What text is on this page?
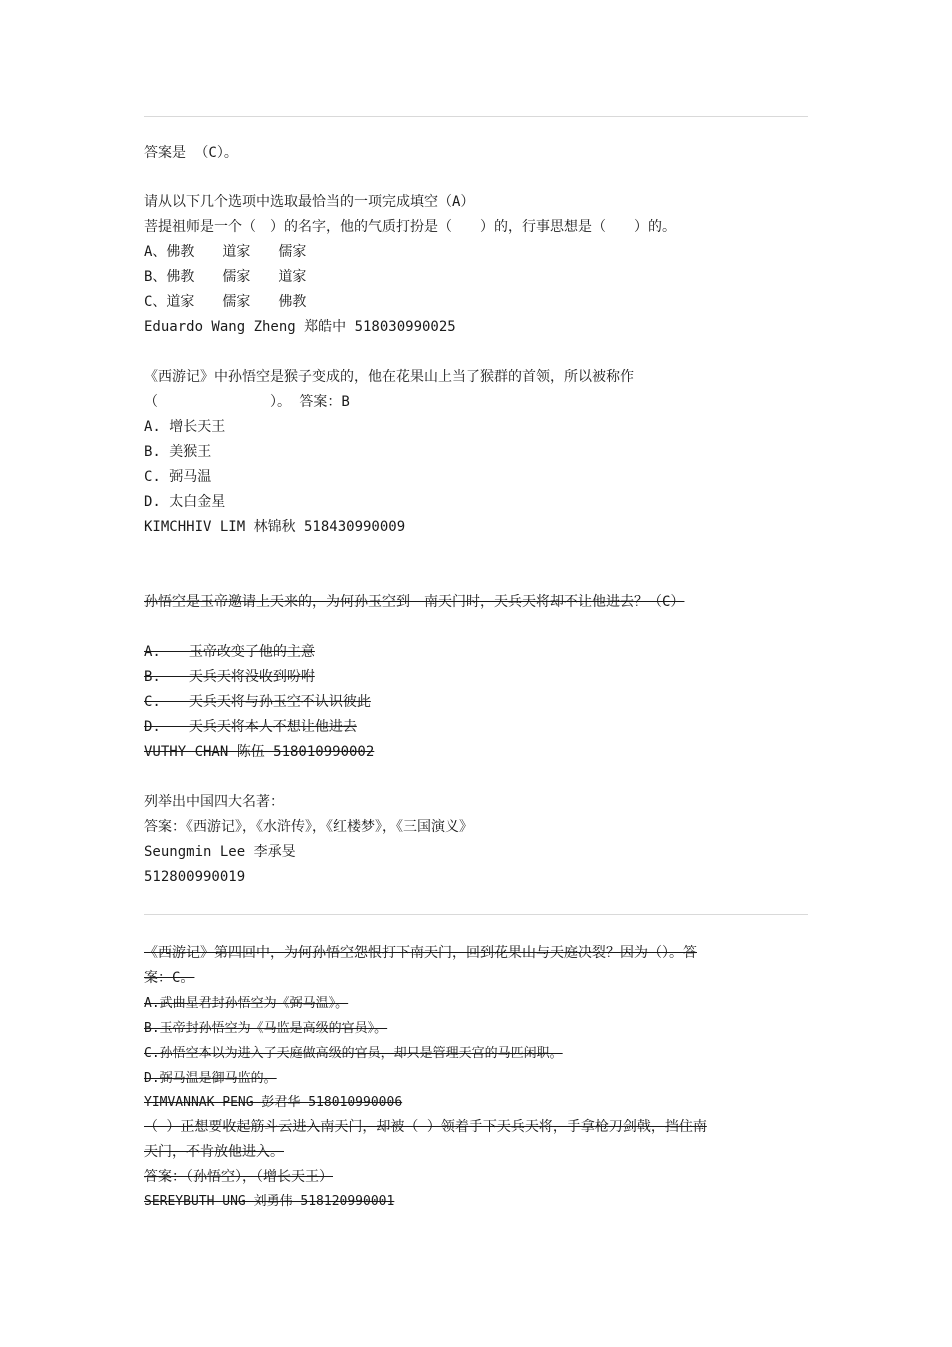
答案是 （C）。
请从以下几个选项中选取最恰当的一项完成填空（A）
菩提祖师是一个（　）的名字，他的气质打扮是（　　）的，行事思想是（　　）的。
A、佛教　　道家　　儒家
B、佛教　　儒家　　道家
C、道家　　儒家　　佛教
Eduardo Wang Zheng 郑皓中 518030990025
《西游记》中孙悟空是猴子变成的，他在花果山上当了猴群的首领，所以被称作
（　　　　　　　　）。 答案：B
A. 增长天王
B. 美猴王
C. 弼马温
D. 太白金星
KIMCHHIV LIM 林锦秋 518430990009
孙悟空是玉帝邀请上天来的，为何孙玉空到　南天门时，天兵天将却不让他进去？（C）
A.　　玉帝改变了他的主意
B.　　天兵天将没收到吩咐
C.　　天兵天将与孙玉空不认识彼此
D.　　天兵天将本人不想让他进去
VUTHY CHAN 陈伍 518010990002
列举出中国四大名著：
答案：《西游记》，《水浒传》，《红楼梦》，《三国演义》
Seungmin Lee 李承旻
512800990019
《西游记》第四回中，为何孙悟空怨恨打下南天门，回到花果山与天庭决裂？因为（）。答
案：C。
A.武曲星君封孙悟空为《弼马温》。
B.玉帝封孙悟空为《马监是高级的官员》。
C.孙悟空本以为进入了天庭做高级的官员，却只是管理天宫的马匹闲职。
D.弼马温是御马监的。
YIMVANNAK PENG 彭君华 518010990006
（ ）正想要收起筋斗云进入南天门，却被（ ）领着手下天兵天将，手拿枪刀剑戟，挡住南
天门，不肯放他进入。
答案：（孙悟空），（增长天王）
SEREYBUTH UNG 刘勇伟 518120990001
